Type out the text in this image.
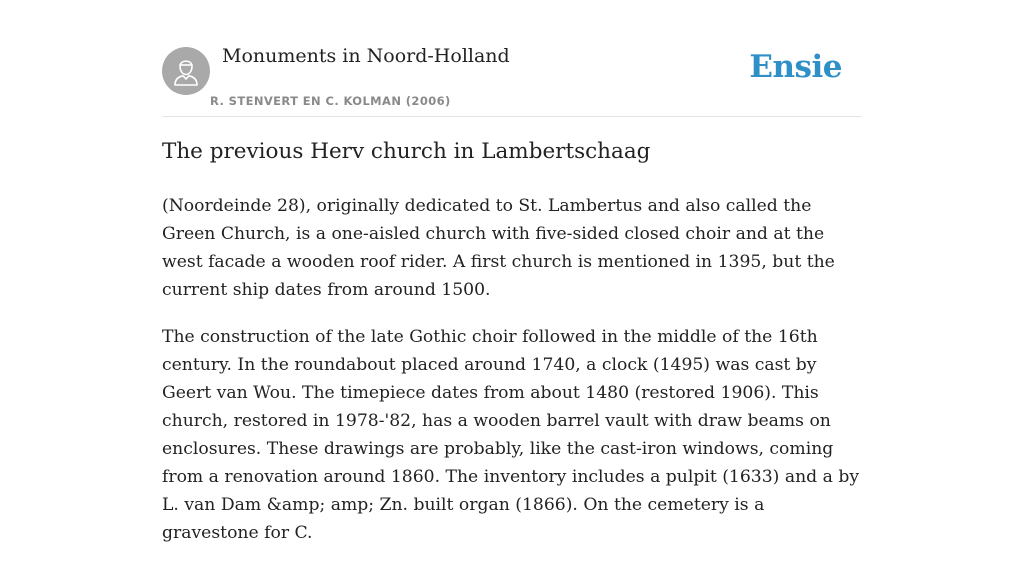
Monuments in Noord-Holland
R. STENVERT EN C. KOLMAN (2006)
Ensie
The previous Herv church in Lambertschaag

(Noordeinde 28), originally dedicated to St. Lambertus and also called the Green Church, is a one-aisled church with five-sided closed choir and at the west facade a wooden roof rider. A first church is mentioned in 1395, but the current ship dates from around 1500.

The construction of the late Gothic choir followed in the middle of the 16th century. In the roundabout placed around 1740, a clock (1495) was cast by Geert van Wou. The timepiece dates from about 1480 (restored 1906). This church, restored in 1978-'82, has a wooden barrel vault with draw beams on enclosures. These drawings are probably, like the cast-iron windows, coming from a renovation around 1860. The inventory includes a pulpit (1633) and a by L. van Dam &amp; amp; Zn. built organ (1866). On the cemetery is a gravestone for C.
